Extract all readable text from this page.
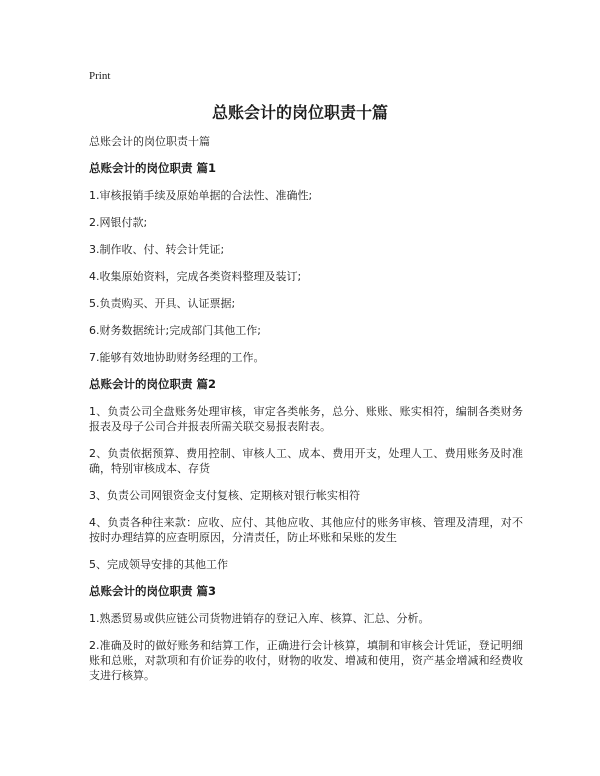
Print
总账会计的岗位职责十篇

总账会计的岗位职责十篇

总账会计的岗位职责 篇1

1.审核报销手续及原始单据的合法性、准确性;

2.网银付款;

3.制作收、付、转会计凭证;

4.收集原始资料，完成各类资料整理及装订;

5.负责购买、开具、认证票据;

6.财务数据统计;完成部门其他工作;

7.能够有效地协助财务经理的工作。

总账会计的岗位职责 篇2

1、负责公司全盘账务处理审核，审定各类帐务，总分、账账、账实相符，编制各类财务报表及母子公司合并报表所需关联交易报表附表。

2、负责依据预算、费用控制、审核人工、成本、费用开支，处理人工、费用账务及时准确，特别审核成本、存货

3、负责公司网银资金支付复核、定期核对银行帐实相符

4、负责各种往来款：应收、应付、其他应收、其他应付的账务审核、管理及清理，对不按时办理结算的应查明原因，分清责任，防止坏账和呆账的发生

5、完成领导安排的其他工作

总账会计的岗位职责 篇3

1.熟悉贸易或供应链公司货物进销存的登记入库、核算、汇总、分析。

2.准确及时的做好账务和结算工作，正确进行会计核算，填制和审核会计凭证，登记明细账和总账，对款项和有价证券的收付，财物的收发、增减和使用，资产基金增减和经费收支进行核算。
